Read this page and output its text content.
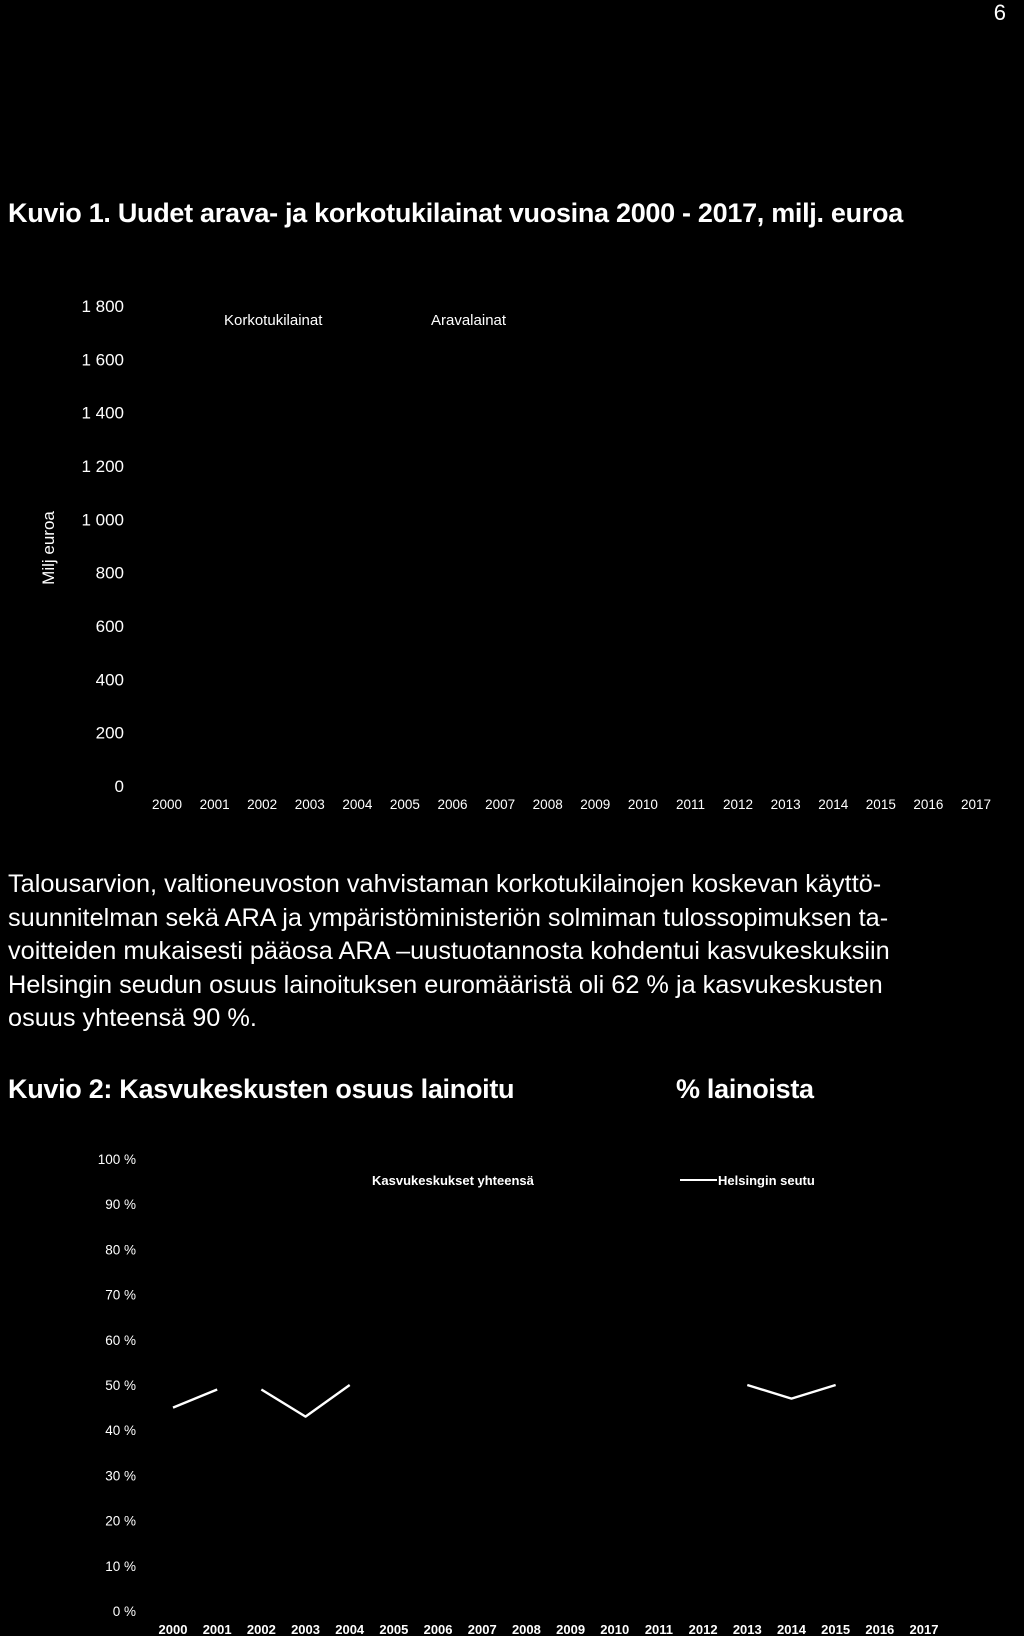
6
Kuvio 1. Uudet arava- ja korkotukilainat vuosina 2000 - 2017, milj. euroa
Milj euroa
Korkotukilainat	Aravalainat
0
200
400
600
800
1 000
1 200
1 400
1 600
1 800
2000 2001 2002 2003 2004 2005 2006 2007 2008 2009 2010 2011 2012 2013 2014 2015 2016 2017

Talousarvion, valtioneuvoston vahvistaman korkotukilainojen koskevan käyttö-
suunnitelman sekä ARA ja ympäristöministeriön solmiman tulossopimuksen ta-
voitteiden mukaisesti pääosa ARA –uustuotannosta kohdentui kasvukeskuksiin
Helsingin seudun osuus lainoituksen euromääristä oli 62 % ja kasvukeskusten
osuus yhteensä 90 %.

Kuvio 2: Kasvukeskusten osuus lainoitu	% lainoista
Kasvukeskukset yhteensä	Helsingin seutu
0 %
10 %
20 %
30 %
40 %
50 %
60 %
70 %
80 %
90 %
100 %
2000 2001 2002 2003 2004 2005 2006 2007 2008 2009 2010 2011 2012 2013 2014 2015 2016 2017
